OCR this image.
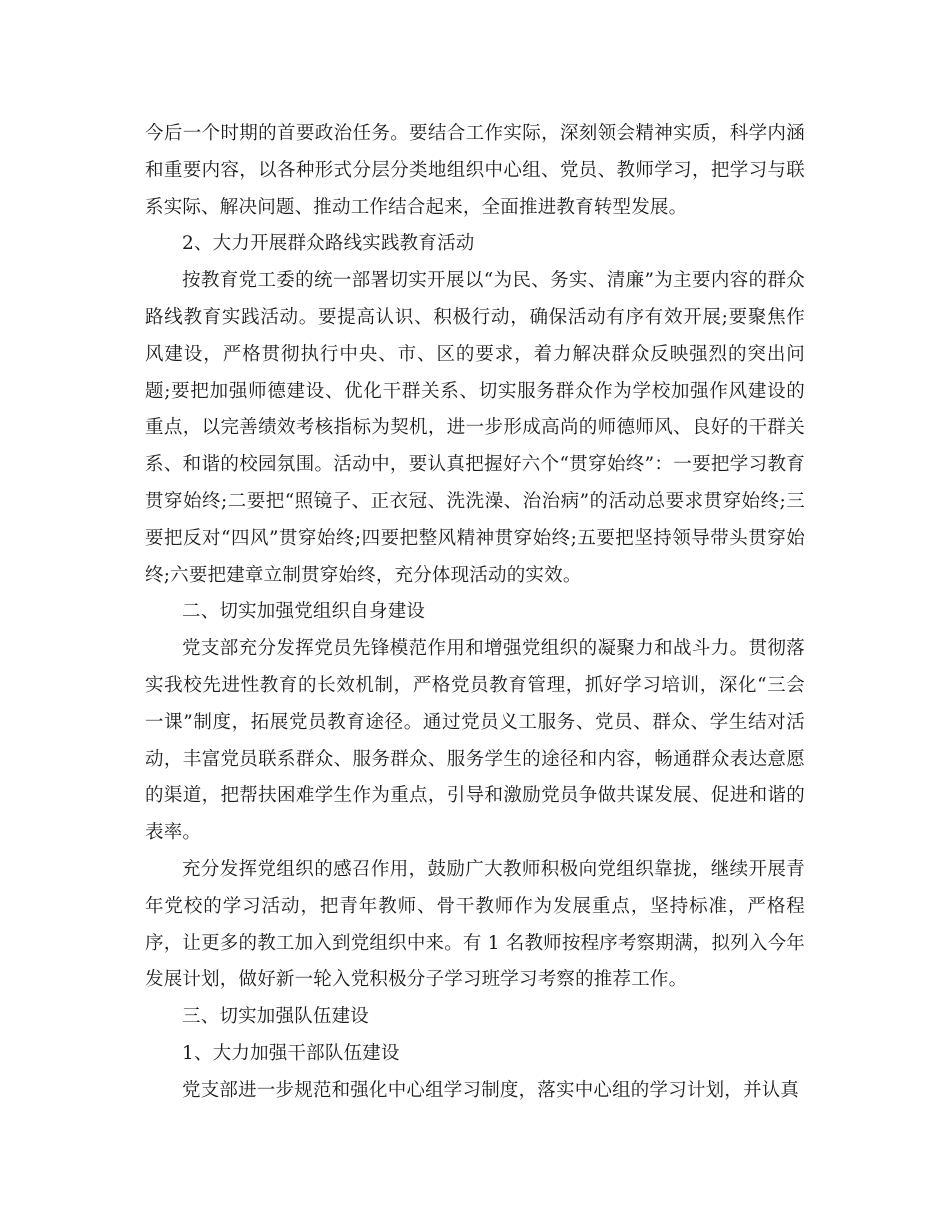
今后一个时期的首要政治任务。要结合工作实际，深刻领会精神实质，科学内涵和重要内容，以各种形式分层分类地组织中心组、党员、教师学习，把学习与联系实际、解决问题、推动工作结合起来，全面推进教育转型发展。

2、大力开展群众路线实践教育活动

按教育党工委的统一部署切实开展以“为民、务实、清廉”为主要内容的群众路线教育实践活动。要提高认识、积极行动，确保活动有序有效开展;要聚焦作风建设，严格贯彻执行中央、市、区的要求，着力解决群众反映强烈的突出问题;要把加强师德建设、优化干群关系、切实服务群众作为学校加强作风建设的重点，以完善绩效考核指标为契机，进一步形成高尚的师德师风、良好的干群关系、和谐的校园氛围。活动中，要认真把握好六个“贯穿始终”：一要把学习教育贯穿始终;二要把“照镜子、正衣冠、洗洗澡、治治病”的活动总要求贯穿始终;三要把反对“四风”贯穿始终;四要把整风精神贯穿始终;五要把坚持领导带头贯穿始终;六要把建章立制贯穿始终，充分体现活动的实效。

二、切实加强党组织自身建设

党支部充分发挥党员先锋模范作用和增强党组织的凝聚力和战斗力。贯彻落实我校先进性教育的长效机制，严格党员教育管理，抓好学习培训，深化“三会一课”制度，拓展党员教育途径。通过党员义工服务、党员、群众、学生结对活动，丰富党员联系群众、服务群众、服务学生的途径和内容，畅通群众表达意愿的渠道，把帮扶困难学生作为重点，引导和激励党员争做共谋发展、促进和谐的表率。

充分发挥党组织的感召作用，鼓励广大教师积极向党组织靠拢，继续开展青年党校的学习活动，把青年教师、骨干教师作为发展重点，坚持标准，严格程序，让更多的教工加入到党组织中来。有 1 名教师按程序考察期满，拟列入今年发展计划，做好新一轮入党积极分子学习班学习考察的推荐工作。

三、切实加强队伍建设

1、大力加强干部队伍建设

党支部进一步规范和强化中心组学习制度，落实中心组的学习计划，并认真
